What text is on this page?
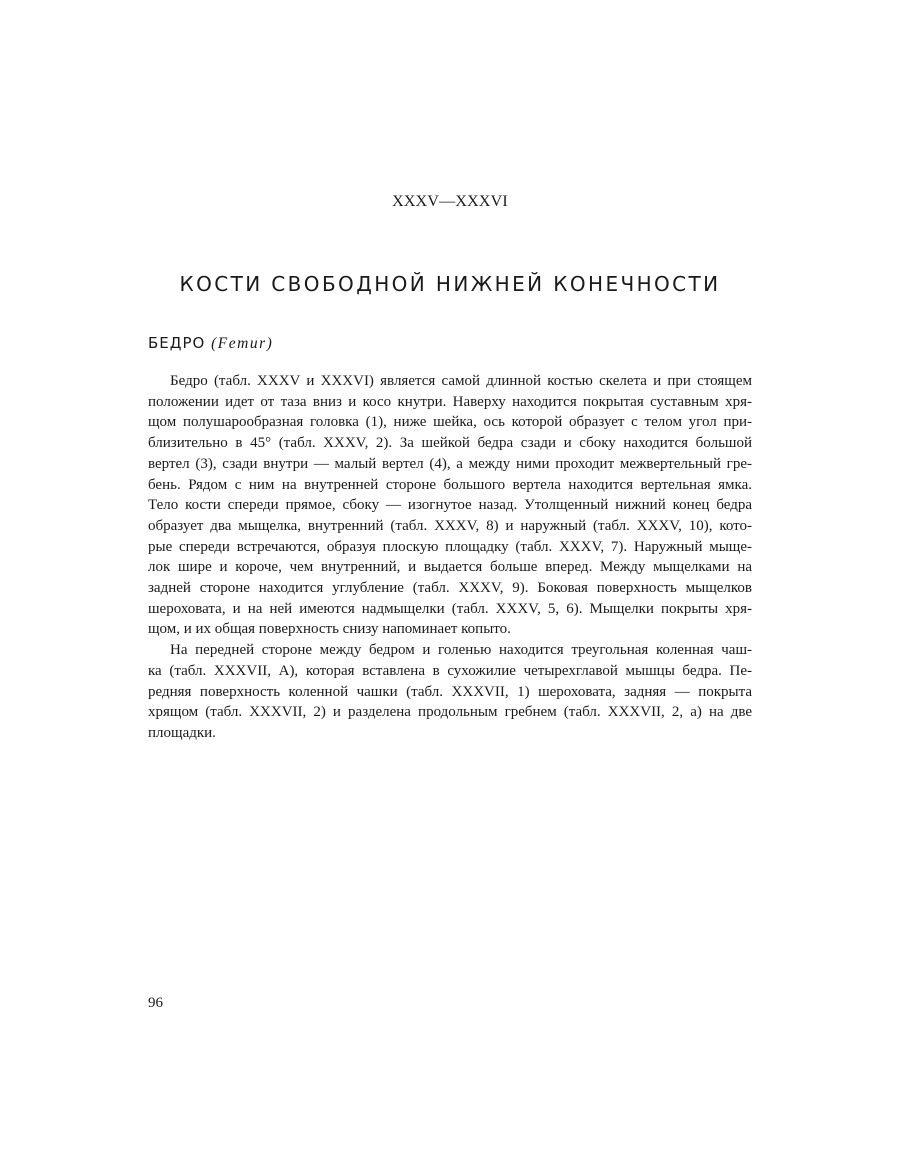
XXXV—XXXVI
КОСТИ СВОБОДНОЙ НИЖНЕЙ КОНЕЧНОСТИ
БЕДРО (Femur)
Бедро (табл. XXXV и XXXVI) является самой длинной костью скелета и при стоящем
положении идет от таза вниз и косо кнутри. Наверху находится покрытая суставным хря-
щом полушарообразная головка (1), ниже шейка, ось которой образует с телом угол при-
близительно в 45° (табл. XXXV, 2). За шейкой бедра сзади и сбоку находится большой
вертел (3), сзади внутри — малый вертел (4), а между ними проходит межвертельный гре-
бень. Рядом с ним на внутренней стороне большого вертела находится вертельная ямка.
Тело кости спереди прямое, сбоку — изогнутое назад. Утолщенный нижний конец бедра
образует два мыщелка, внутренний (табл. XXXV, 8) и наружный (табл. XXXV, 10), кото-
рые спереди встречаются, образуя плоскую площадку (табл. XXXV, 7). Наружный мыще-
лок шире и короче, чем внутренний, и выдается больше вперед. Между мыщелками на
задней стороне находится углубление (табл. XXXV, 9). Боковая поверхность мыщелков
шероховата, и на ней имеются надмыщелки (табл. XXXV, 5, 6). Мыщелки покрыты хря-
щом, и их общая поверхность снизу напоминает копыто.
На передней стороне между бедром и голенью находится треугольная коленная чаш-
ка (табл. XXXVII, А), которая вставлена в сухожилие четырехглавой мышцы бедра. Пе-
редняя поверхность коленной чашки (табл. XXXVII, 1) шероховата, задняя — покрыта
хрящом (табл. XXXVII, 2) и разделена продольным гребнем (табл. XXXVII, 2, а) на две
площадки.
96
